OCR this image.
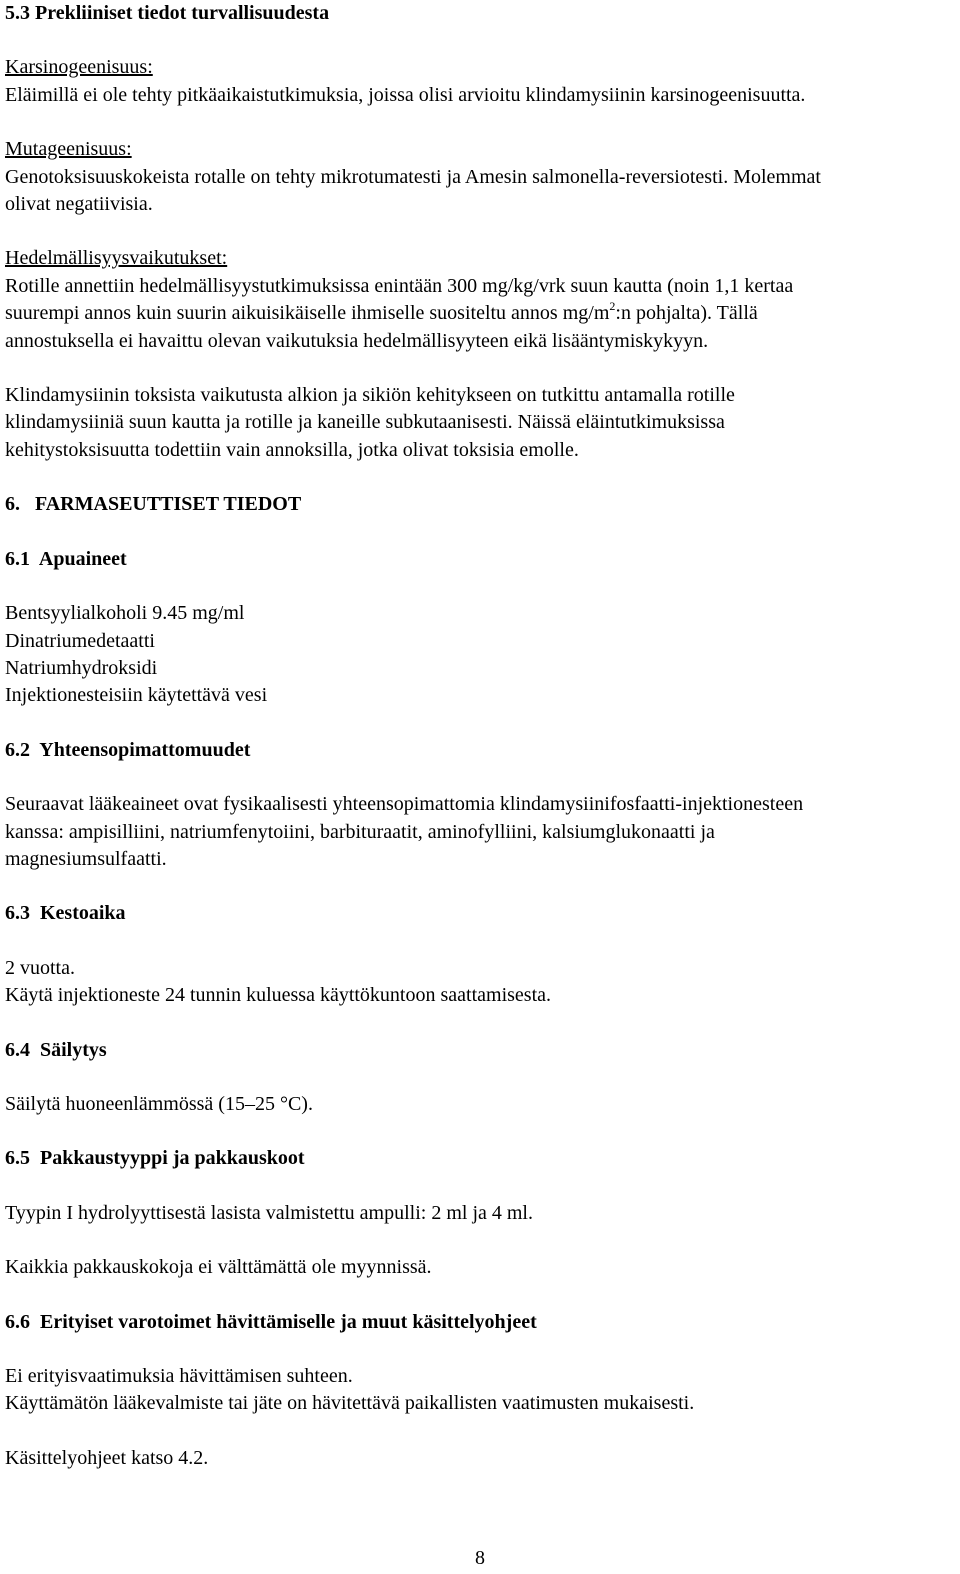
5.3 Prekliiniset tiedot turvallisuudesta
Karsinogeenisuus:
Eläimillä ei ole tehty pitkäaikaistutkimuksia, joissa olisi arvioitu klindamysiinin karsinogeenisuutta.
Mutageenisuus:
Genotoksisuuskokeista rotalle on tehty mikrotumatesti ja Amesin salmonella-reversiotesti. Molemmat
olivat negatiivisia.
Hedelmällisyysvaikutukset:
Rotille annettiin hedelmällisyystutkimuksissa enintään 300 mg/kg/vrk suun kautta (noin 1,1 kertaa
suurempi annos kuin suurin aikuisikäiselle ihmiselle suositeltu annos $mg/m^2:n$ pohjalta). Tällä
annostuksella ei havaittu olevan vaikutuksia hedelmällisyyteen eikä lisääntymiskykyyn.
Klindamysiinin toksista vaikutusta alkion ja sikiön kehitykseen on tutkittu antamalla rotille
klindamysiiniä suun kautta ja rotille ja kaneille subkutaanisesti. Näissä eläintutkimuksissa
kehitystoksisuutta todettiin vain annoksilla, jotka olivat toksisia emolle.
6.   FARMASEUTTISET TIEDOT
6.1  Apuaineet
Bentsyylialkoholi 9.45 mg/ml
Dinatriumedetaatti
Natriumhydroksidi
Injektionesteisiin käytettävä vesi
6.2  Yhteensopimattomuudet
Seuraavat lääkeaineet ovat fysikaalisesti yhteensopimattomia klindamysiinifosfaatti-injektionesteen
kanssa: ampisilliini, natriumfenytoiini, barbituraatit, aminofylliini, kalsiumglukonaatti ja
magnesiumsulfaatti.
6.3  Kestoaika
2 vuotta.
Käytä injektioneste 24 tunnin kuluessa käyttökuntoon saattamisesta.
6.4  Säilytys
Säilytä huoneenlämmössä (15–25 °C).
6.5  Pakkaustyyppi ja pakkauskoot
Tyypin I hydrolyyttisestä lasista valmistettu ampulli: 2 ml ja 4 ml.
Kaikkia pakkauskokoja ei välttämättä ole myynnissä.
6.6  Erityiset varotoimet hävittämiselle ja muut käsittelyohjeet
Ei erityisvaatimuksia hävittämisen suhteen.
Käyttämätön lääkevalmiste tai jäte on hävitettävä paikallisten vaatimusten mukaisesti.
Käsittelyohjeet katso 4.2.
8
